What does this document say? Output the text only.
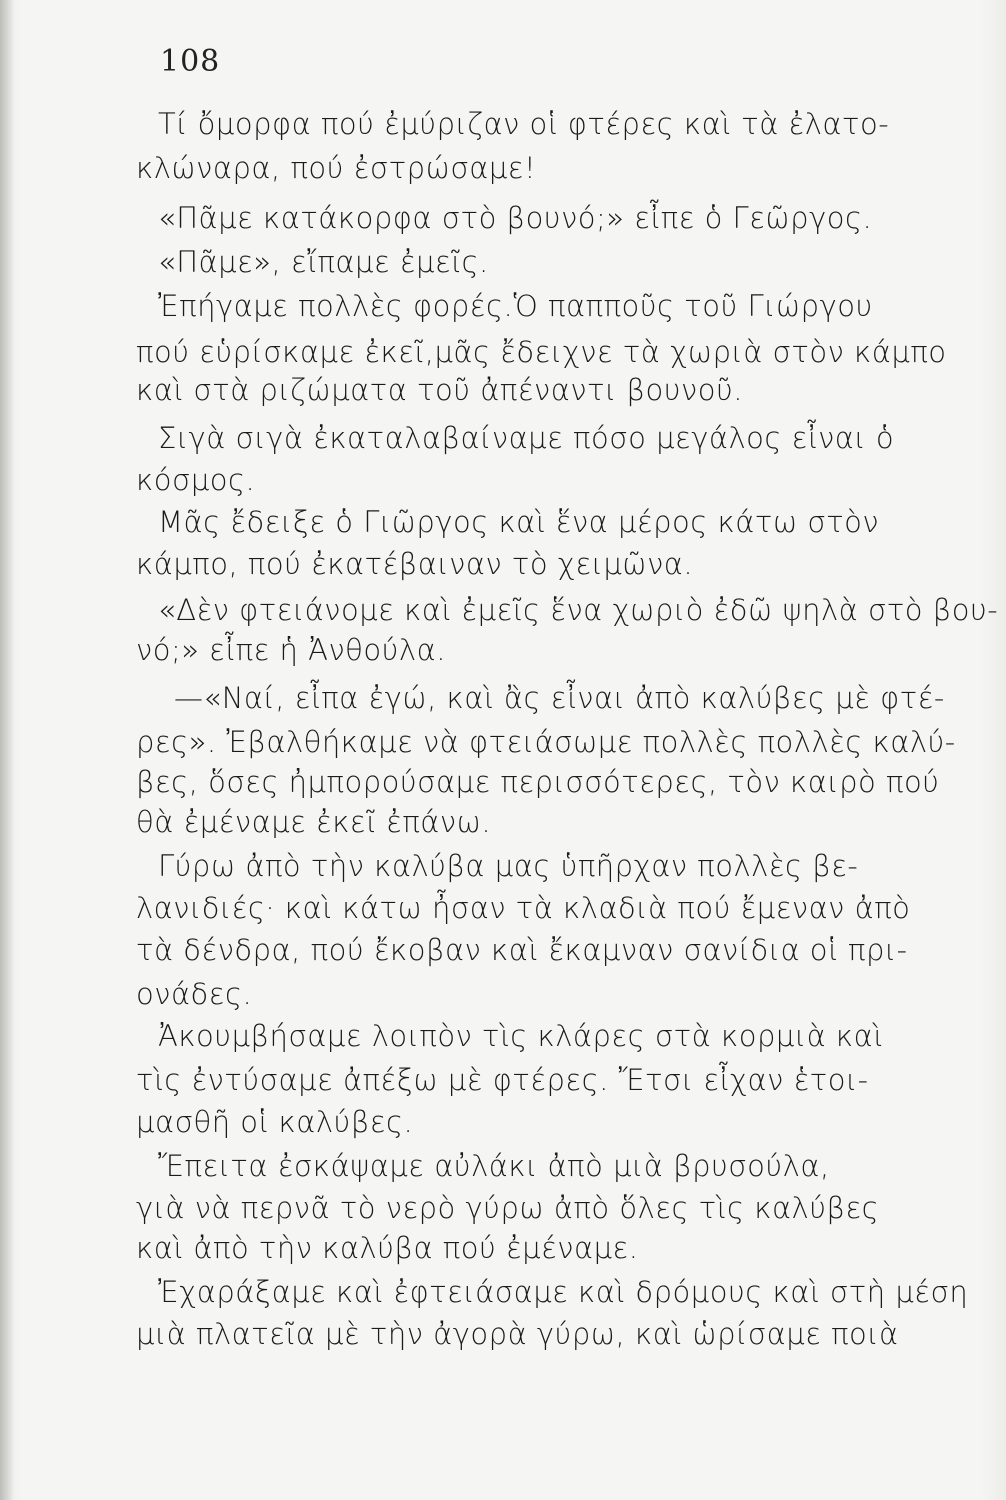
108
Τί ὄμορφα πού ἐμύριζαν οἱ φτέρες καὶ τὰ ἐλατο-
κλώναρα, πού ἐστρώσαμε!
«Πᾶμε κατάκορφα στὸ βουνό;» εἶπε ὁ Γεῶργος.
«Πᾶμε», εἴπαμε ἐμεῖς.
Ἐπήγαμε πολλὲς φορές.Ὁ παπποῦς τοῦ Γιώργου
πού εὑρίσκαμε ἐκεῖ,μᾶς ἔδειχνε τὰ χωριὰ στὸν κάμπο
καὶ στὰ ριζώματα τοῦ ἀπέναντι βουνοῦ.
Σιγὰ σιγὰ ἐκαταλαβαίναμε πόσο μεγάλος εἶναι ὁ
κόσμος.
Μᾶς ἔδειξε ὁ Γιῶργος καὶ ἕνα μέρος κάτω στὸν
κάμπο, πού ἐκατέβαιναν τὸ χειμῶνα.
«Δὲν φτειάνομε καὶ ἐμεῖς ἕνα χωριὸ ἐδῶ ψηλὰ στὸ βου-
νό;» εἶπε ἡ Ἀνθούλα.
—«Ναί, εἶπα ἐγώ, καὶ ἂς εἶναι ἀπὸ καλύβες μὲ φτέ-
ρες». Ἐβαλθήκαμε νὰ φτειάσωμε πολλὲς πολλὲς καλύ-
βες, ὅσες ἠμπορούσαμε περισσότερες, τὸν καιρὸ πού
θὰ ἐμέναμε ἐκεῖ ἐπάνω.
Γύρω ἀπὸ τὴν καλύβα μας ὑπῆρχαν πολλὲς βε-
λανιδιές· καὶ κάτω ἦσαν τὰ κλαδιὰ πού ἔμεναν ἀπὸ
τὰ δένδρα, πού ἔκοβαν καὶ ἔκαμναν σανίδια οἱ πρι-
ονάδες.
Ἀκουμβήσαμε λοιπὸν τὶς κλάρες στὰ κορμιὰ καὶ
τὶς ἐντύσαμε ἀπέξω μὲ φτέρες. Ἔτσι εἶχαν ἑτοι-
μασθῆ οἱ καλύβες.
Ἔπειτα ἐσκάψαμε αὐλάκι ἀπὸ μιὰ βρυσούλα,
γιὰ νὰ περνᾶ τὸ νερὸ γύρω ἀπὸ ὅλες τὶς καλύβες
καὶ ἀπὸ τὴν καλύβα πού ἐμέναμε.
Ἐχαράξαμε καὶ ἐφτειάσαμε καὶ δρόμους καὶ στὴ μέση
μιὰ πλατεῖα μὲ τὴν ἀγορὰ γύρω, καὶ ὡρίσαμε ποιὰ
